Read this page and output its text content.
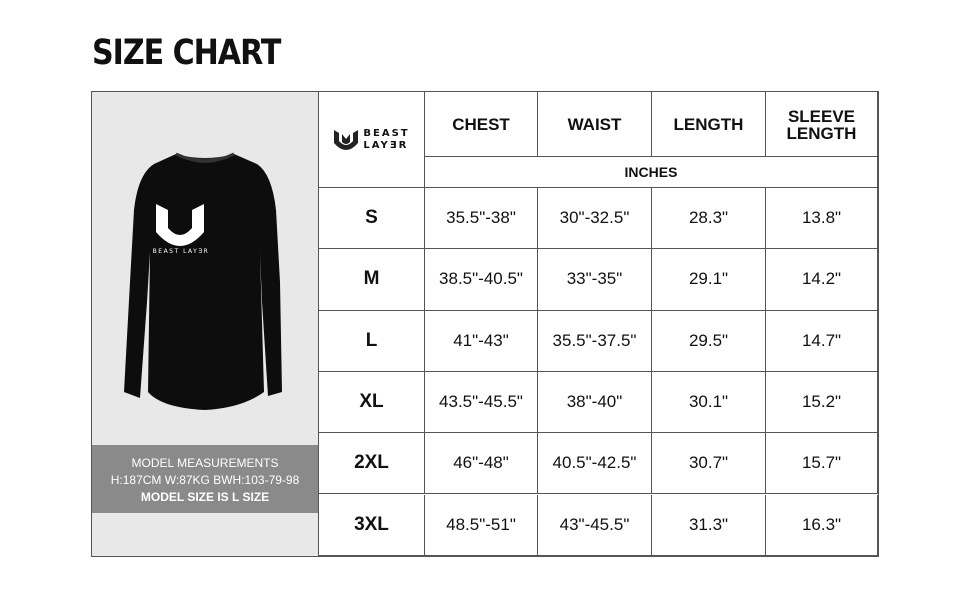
SIZE CHART
BEAST LAYƎR
MODEL MEASUREMENTS
H:187CM W:87KG BWH:103-79-98
MODEL SIZE IS L SIZE
BEAST
LAYƎR
CHEST	WAIST	LENGTH	SLEEVE
LENGTH
INCHES
S	35.5"-38"	30"-32.5"	28.3"	13.8"
M	38.5"-40.5"	33"-35"	29.1"	14.2"
L	41"-43"	35.5"-37.5"	29.5"	14.7"
XL	43.5"-45.5"	38"-40"	30.1"	15.2"
2XL	46"-48"	40.5"-42.5"	30.7"	15.7"
3XL	48.5"-51"	43"-45.5"	31.3"	16.3"
